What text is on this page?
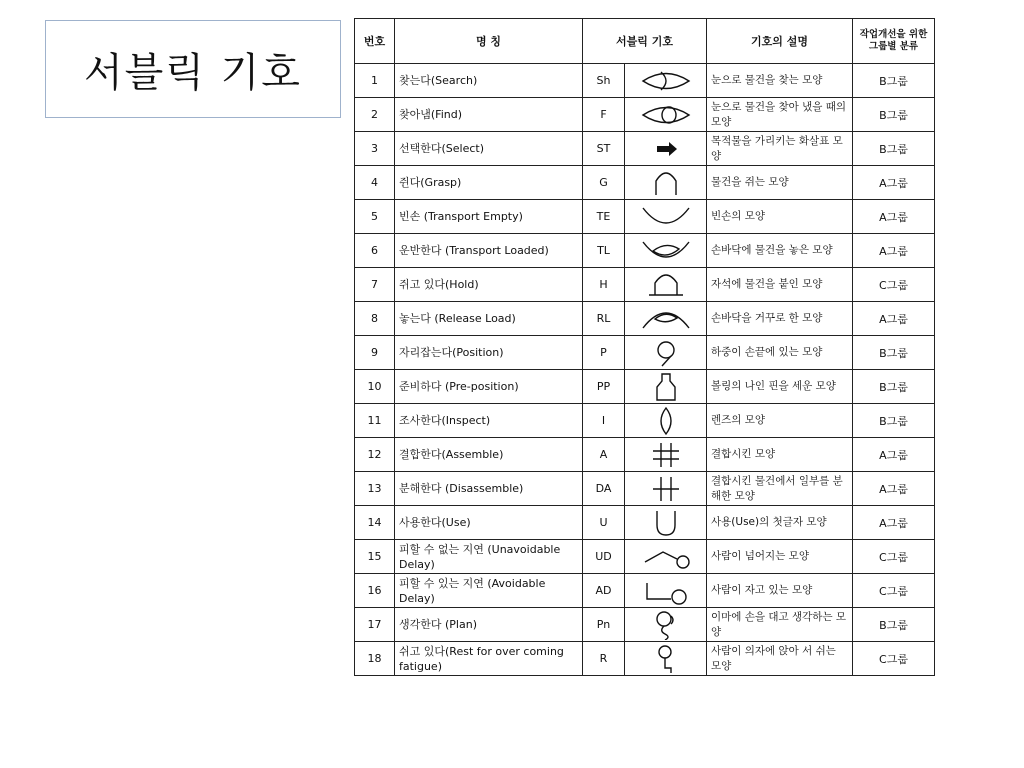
서블릭 기호
번호	명 칭	서블릭 기호		기호의 설명	작업개선을 위한 그룹별 분류
1	찾는다(Search)	Sh		눈으로 물건을 찾는 모양	B그룹
2	찾아냄(Find)	F		눈으로 물건을 찾아 냈을 때의 모양	B그룹
3	선택한다(Select)	ST		목적물을 가리키는 화살표 모양	B그룹
4	쥔다(Grasp)	G		물건을 쥐는 모양	A그룹
5	빈손 (Transport Empty)	TE		빈손의 모양	A그룹
6	운반한다 (Transport Loaded)	TL		손바닥에 물건을 놓은 모양	A그룹
7	쥐고 있다(Hold)	H		자석에 물건을 붙인 모양	C그룹
8	놓는다 (Release Load)	RL		손바닥을 거꾸로 한 모양	A그룹
9	자리잡는다(Position)	P		하중이 손끝에 있는 모양	B그룹
10	준비하다 (Pre-position)	PP		볼링의 나인 핀을 세운 모양	B그룹
11	조사한다(Inspect)	I		렌즈의 모양	B그룹
12	결합한다(Assemble)	A		결합시킨 모양	A그룹
13	분해한다 (Disassemble)	DA		결합시킨 물건에서 일부를 분해한 모양	A그룹
14	사용한다(Use)	U		사용(Use)의 첫글자 모양	A그룹
15	피할 수 없는 지연 (Unavoidable Delay)	UD		사람이 넘어지는 모양	C그룹
16	피할 수 있는 지연 (Avoidable Delay)	AD		사람이 자고 있는 모양	C그룹
17	생각한다 (Plan)	Pn		이마에 손을 대고 생각하는 모양	B그룹
18	쉬고 있다(Rest for over coming fatigue)	R		사람이 의자에 앉아 서 쉬는 모양	C그룹
